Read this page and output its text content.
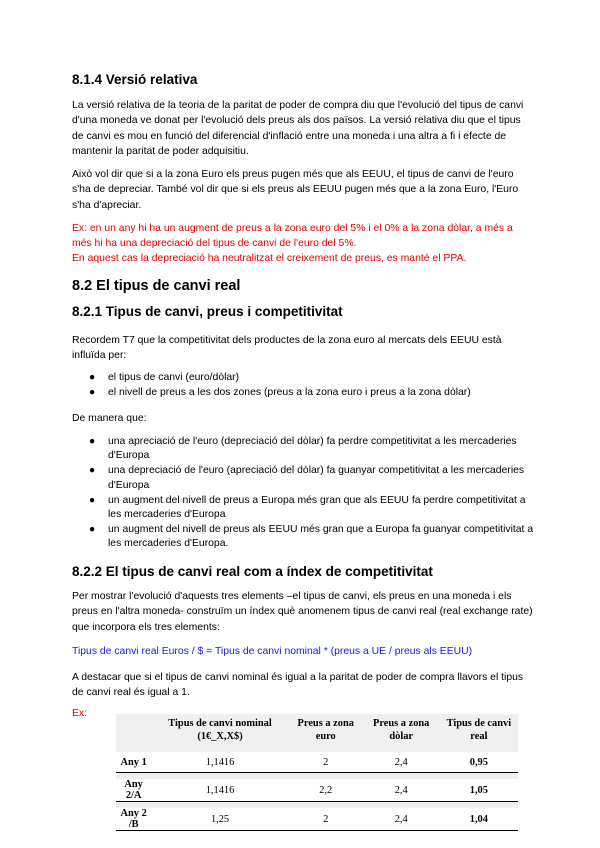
8.1.4 Versió relativa

La versió relativa de la teoria de la paritat de poder de compra diu que l'evolució del tipus de canvi d'una moneda ve donat per l'evolució dels preus als dos països. La versió relativa diu que el tipus de canvi es mou en funció del diferencial d'inflació entre una moneda i una altra a fi i efecte de mantenir la paritat de poder adquisitiu.

Això vol dir que si a la zona Euro els preus pugen més que als EEUU, el tipus de canvi de l'euro s'ha de depreciar. També vol dir que si els preus als EEUU pugen més que a la zona Euro, l'Euro s'ha d'apreciar.

Ex: en un any hi ha un augment de preus a la zona euro del 5% i el 0% a la zona dòlar, a més a més hi ha una depreciació del tipus de canvi de l'euro del 5%.

En aquest cas la depreciació ha neutralitzat el creixement de preus, es manté el PPA.

8.2 El tipus de canvi real
8.2.1 Tipus de canvi, preus i competitivitat

Recordem T7 que la competitivitat dels productes de la zona euro al mercats dels EEUU està influïda per:

● el tipus de canvi (euro/dòlar)
● el nivell de preus a les dos zones (preus a la zona euro i preus a la zona dòlar)

De manera que:

● una apreciació de l'euro (depreciació del dòlar) fa perdre competitivitat a les mercaderies d'Europa
● una depreciació de l'euro (apreciació del dòlar) fa guanyar competitivitat a les mercaderies d'Europa
● un augment del nivell de preus a Europa més gran que als EEUU fa perdre competitivitat a les mercaderies d'Europa
● un augment del nivell de preus als EEUU més gran que a Europa fa guanyar competitivitat a les mercaderies d'Europa.
8.2.2 El tipus de canvi real com a índex de competitivitat

Per mostrar l'evolució d'aquests tres elements –el tipus de canvi, els preus en una moneda i els preus en l'altra moneda- construïm un índex què anomenem tipus de canvi real (real exchange rate) que incorpora els tres elements:

Tipus de canvi real Euros / $ = Tipus de canvi nominal * (preus a UE / preus als EEUU)

A destacar que si el tipus de canvi nominal és igual a la paritat de poder de compra llavors el tipus de canvi real és igual a 1.

Ex:
	Tipus de canvi nominal (1€_X,X$)	Preus a zona euro	Preus a zona dòlar	Tipus de canvi real

Any 1	1,1416	2	2,4	0,95

Any 2/A	1,1416	2,2	2,4	1,05

Any 2 /B	1,25	2	2,4	1,04
